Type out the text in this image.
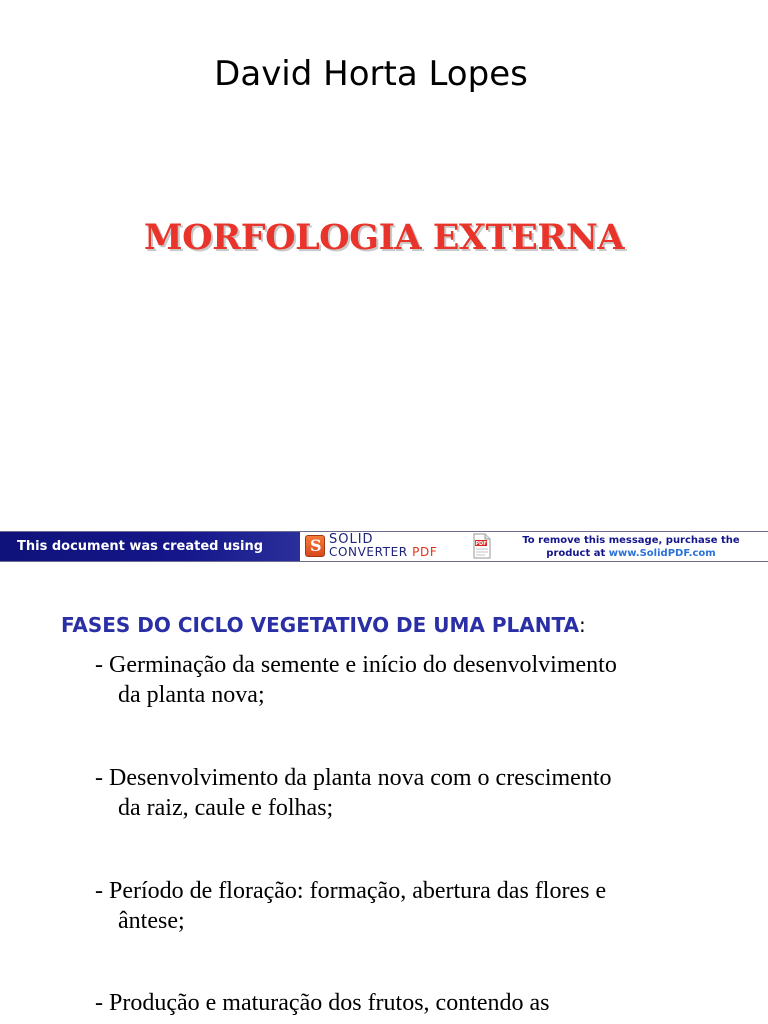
David Horta Lopes
MORFOLOGIA EXTERNA
This document was created using	S SOLID
CONVERTER PDF
PDF	To remove this message, purchase the
product at www.SolidPDF.com
FASES DO CICLO VEGETATIVO DE UMA PLANTA:
- Germinação da semente e início do desenvolvimento
da planta nova;
- Desenvolvimento da planta nova com o crescimento
da raiz, caule e folhas;
- Período de floração: formação, abertura das flores e
ântese;
- Produção e maturação dos frutos, contendo as
